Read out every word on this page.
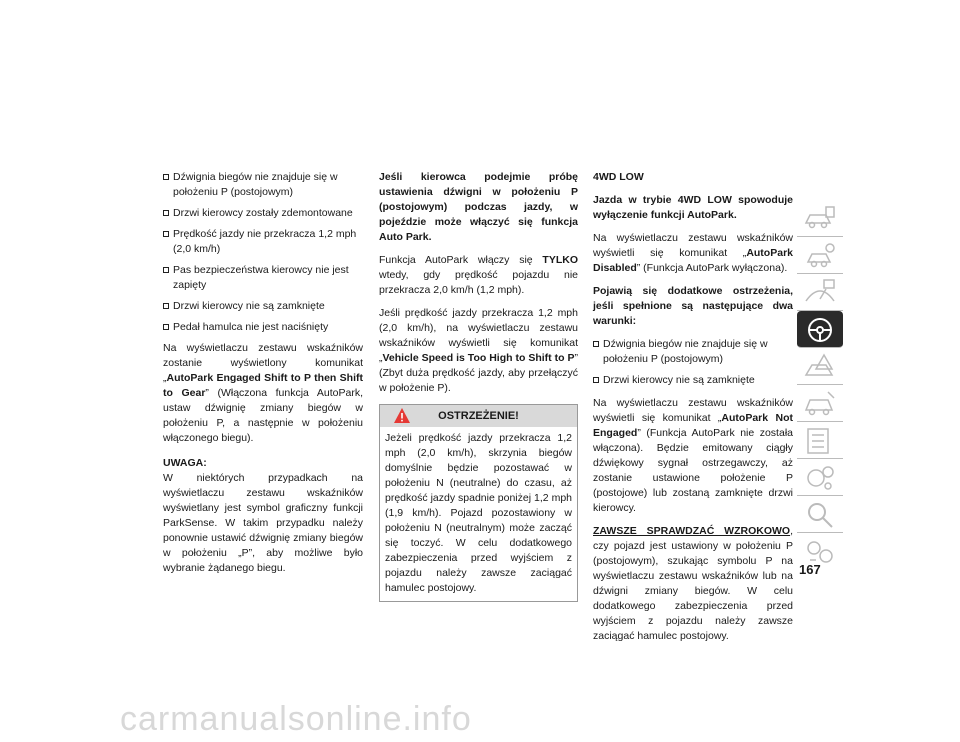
Dźwignia biegów nie znajduje się w położeniu P (postojowym)
Drzwi kierowcy zostały zdemontowane
Prędkość jazdy nie przekracza 1,2 mph (2,0 km/h)
Pas bezpieczeństwa kierowcy nie jest zapięty
Drzwi kierowcy nie są zamknięte
Pedał hamulca nie jest naciśnięty

Na wyświetlaczu zestawu wskaźników zostanie wyświetlony komunikat „AutoPark Engaged Shift to P then Shift to Gear” (Włączona funkcja AutoPark, ustaw dźwignię zmiany biegów w położeniu P, a następnie w położeniu włączonego biegu).

UWAGA:
W niektórych przypadkach na wyświetlaczu zestawu wskaźników wyświetlany jest symbol graficzny funkcji ParkSense. W takim przypadku należy ponownie ustawić dźwignię zmiany biegów w położeniu „P”, aby możliwe było wybranie żądanego biegu.

Jeśli kierowca podejmie próbę ustawienia dźwigni w położeniu P (postojowym) podczas jazdy, w pojeździe może włączyć się funkcja Auto Park.

Funkcja AutoPark włączy się TYLKO wtedy, gdy prędkość pojazdu nie przekracza 2,0 km/h (1,2 mph).

Jeśli prędkość jazdy przekracza 1,2 mph (2,0 km/h), na wyświetlaczu zestawu wskaźników wyświetli się komunikat „Vehicle Speed is Too High to Shift to P” (Zbyt duża prędkość jazdy, aby przełączyć w położenie P).

OSTRZEŻENIE!
Jeżeli prędkość jazdy przekracza 1,2 mph (2,0 km/h), skrzynia biegów domyślnie będzie pozostawać w położeniu N (neutralne) do czasu, aż prędkość jazdy spadnie poniżej 1,2 mph (1,9 km/h). Pojazd pozostawiony w położeniu N (neutralnym) może zacząć się toczyć. W celu dodatkowego zabezpieczenia przed wyjściem z pojazdu należy zawsze zaciągać hamulec postojowy.

4WD LOW

Jazda w trybie 4WD LOW spowoduje wyłączenie funkcji AutoPark.

Na wyświetlaczu zestawu wskaźników wyświetli się komunikat „AutoPark Disabled” (Funkcja AutoPark wyłączona).

Pojawią się dodatkowe ostrzeżenia, jeśli spełnione są następujące dwa warunki:

Dźwignia biegów nie znajduje się w położeniu P (postojowym)
Drzwi kierowcy nie są zamknięte

Na wyświetlaczu zestawu wskaźników wyświetli się komunikat „AutoPark Not Engaged” (Funkcja AutoPark nie została włączona). Będzie emitowany ciągły dźwiękowy sygnał ostrzegawczy, aż zostanie ustawione położenie P (postojowe) lub zostaną zamknięte drzwi kierowcy.

ZAWSZE SPRAWDZAĆ WZROKOWO, czy pojazd jest ustawiony w położeniu P (postojowym), szukając symbolu P na wyświetlaczu zestawu wskaźników lub na dźwigni zmiany biegów. W celu dodatkowego zabezpieczenia przed wyjściem z pojazdu należy zawsze zaciągać hamulec postojowy.

167
carmanualsonline.info
